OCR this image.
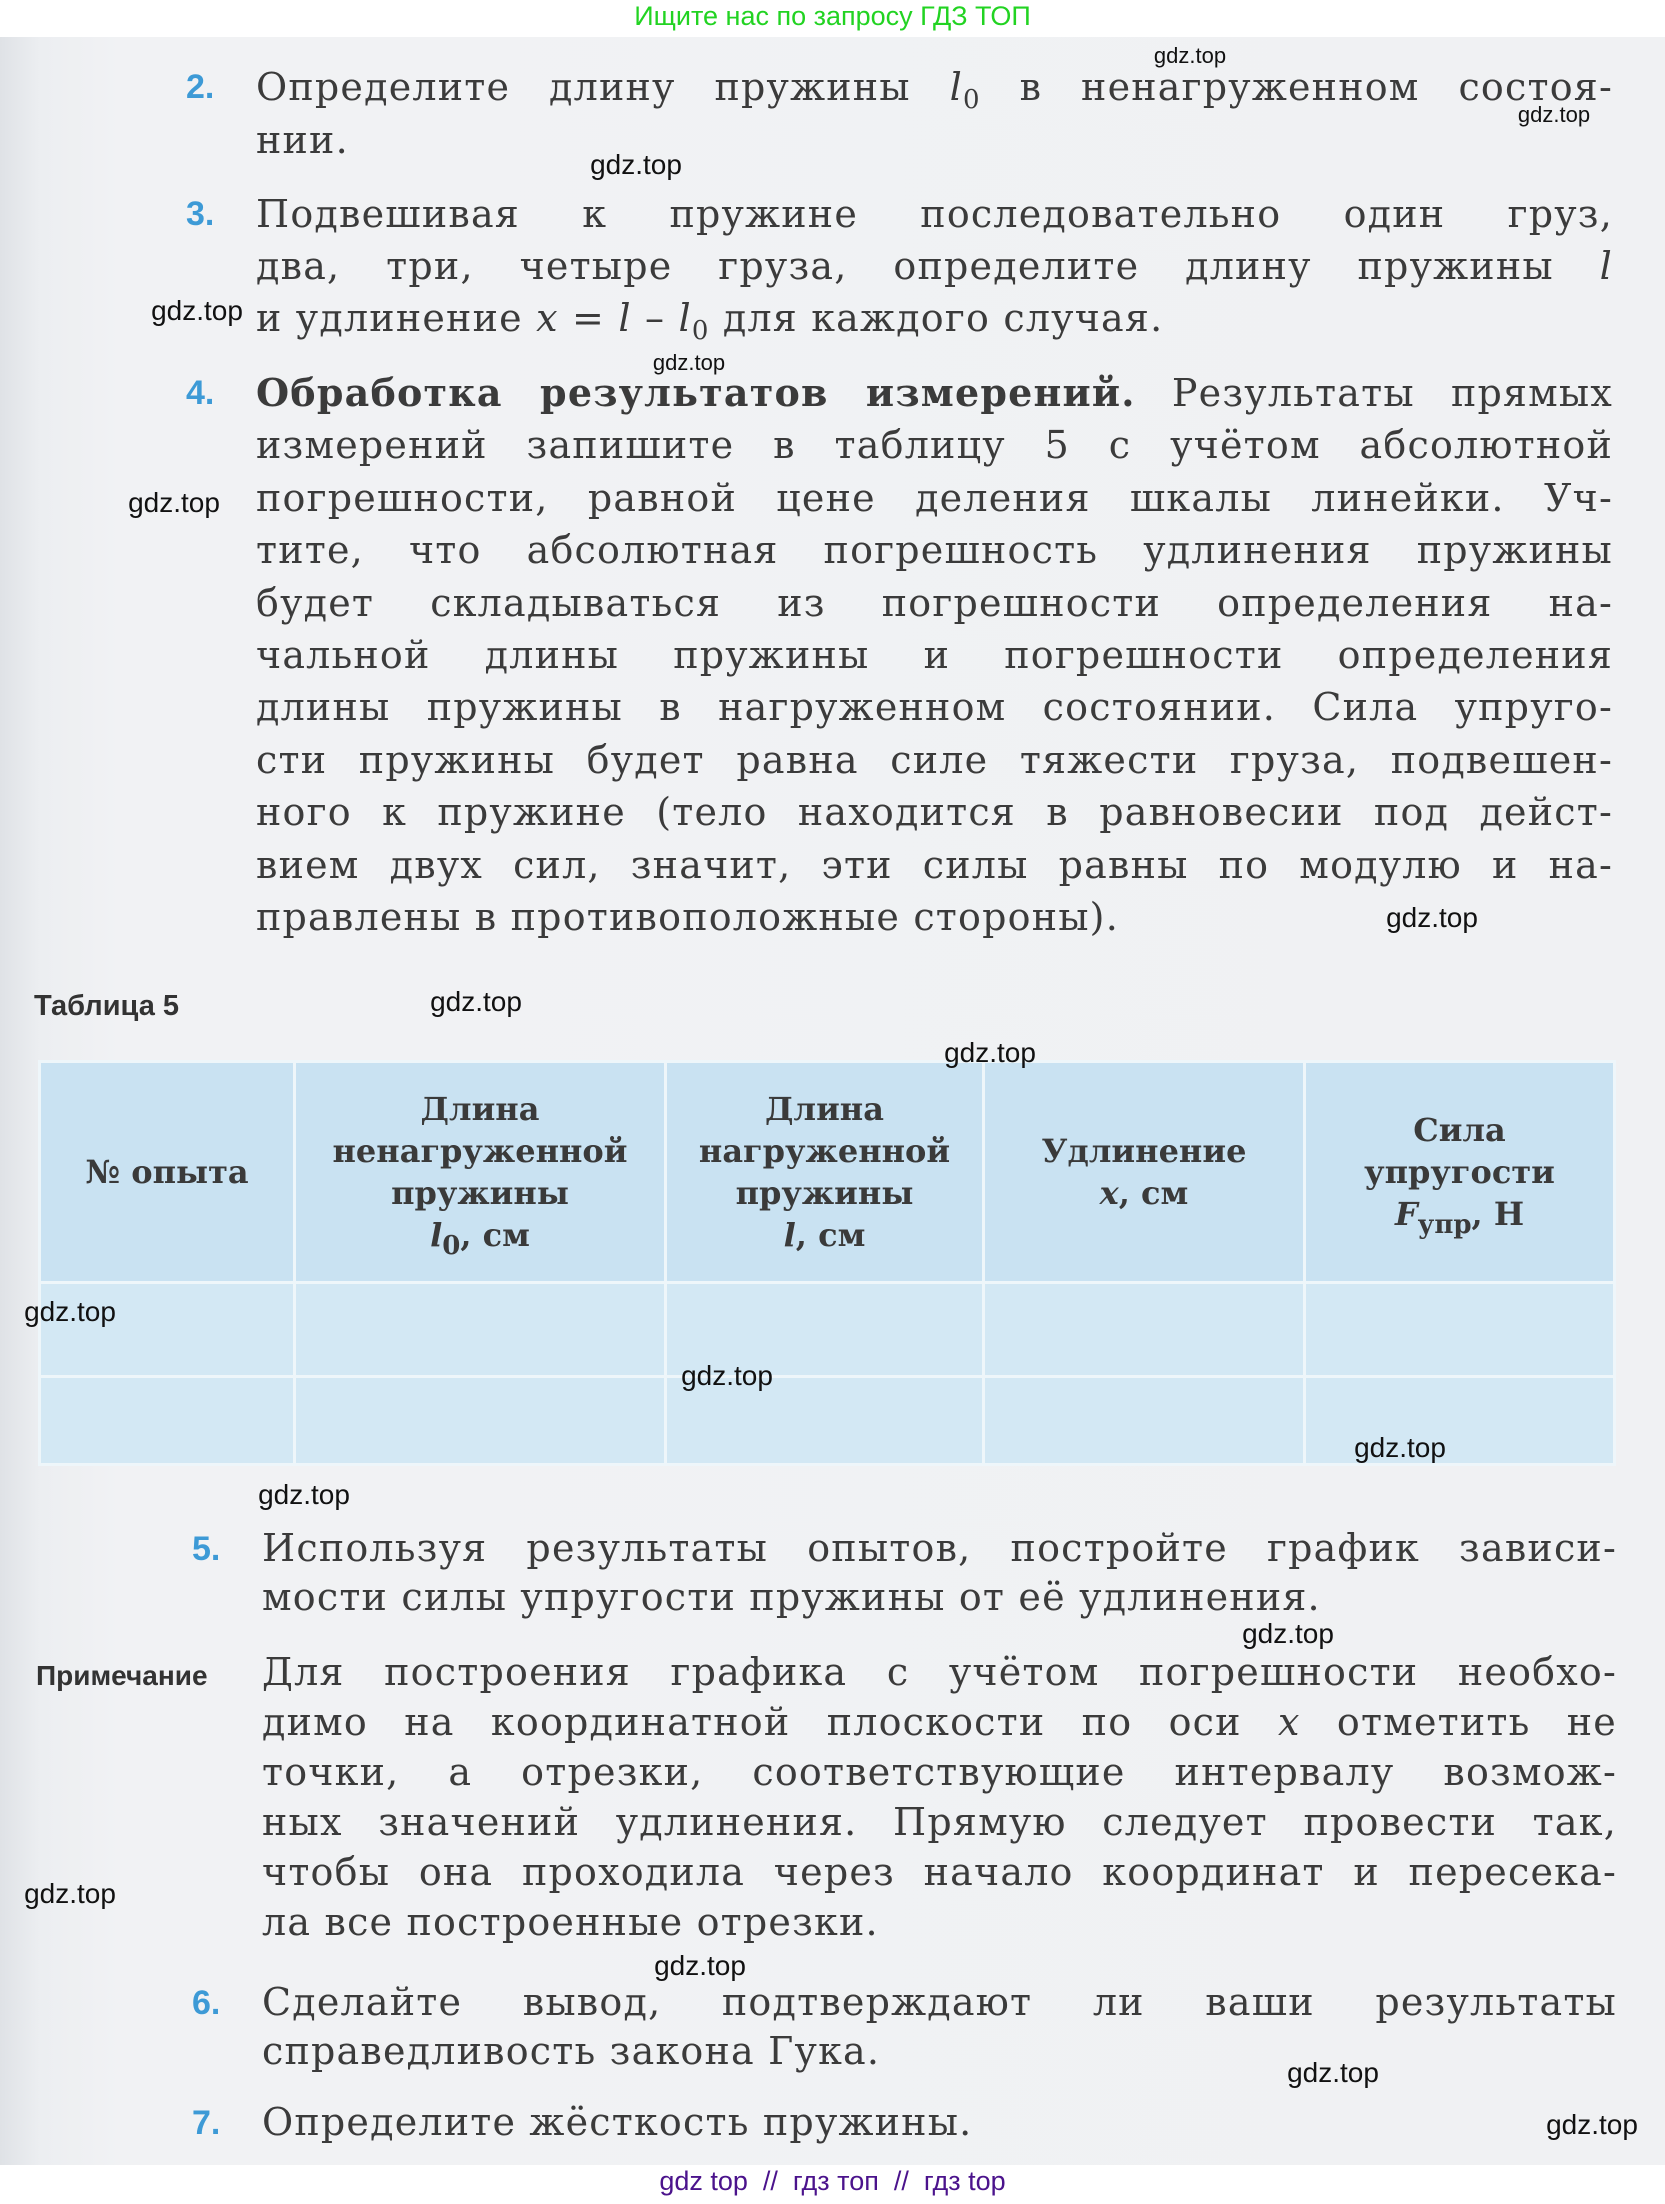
Ищите нас по запросу ГДЗ ТОП
2. Определите длину пружины $l_0$ в ненагруженном состоя-
нии.
3. Подвешивая к пружине последовательно один груз,
два, три, четыре груза, определите длину пружины l
и удлинение $x = l - l_0$ для каждого случая.
4. Обработка результатов измерений. Результаты прямых
измерений запишите в таблицу 5 с учётом абсолютной
погрешности, равной цене деления шкалы линейки. Уч-
тите, что абсолютная погрешность удлинения пружины
будет складываться из погрешности определения на-
чальной длины пружины и погрешности определения
длины пружины в нагруженном состоянии. Сила упруго-
сти пружины будет равна силе тяжести груза, подвешен-
ного к пружине (тело находится в равновесии под дейст-
вием двух сил, значит, эти силы равны по модулю и на-
правлены в противоположные стороны).
Таблица 5
№ опыта	Длина
ненагруженной
пружины
$l_0$, см	Длина
нагруженной
пружины
l, см	Удлинение
x, см	Сила
упругости
$F_{упр}$, Н

5. Используя результаты опытов, постройте график зависи-
мости силы упругости пружины от её удлинения.
Примечание Для построения графика с учётом погрешности необхо-
димо на координатной плоскости по оси x отметить не
точки, а отрезки, соответствующие интервалу возмож-
ных значений удлинения. Прямую следует провести так,
чтобы она проходила через начало координат и пересека-
ла все построенные отрезки.
6. Сделайте вывод, подтверждают ли ваши результаты
справедливость закона Гука.
7. Определите жёсткость пружины.
gdz.top
gdz.top
gdz.top
gdz.top
gdz.top
gdz.top
gdz.top
gdz.top
gdz.top
gdz.top
gdz.top
gdz.top
gdz.top
gdz.top
gdz.top
gdz.top
gdz.top
gdz.top
gdz top  //  гдз топ  //  гдз top
